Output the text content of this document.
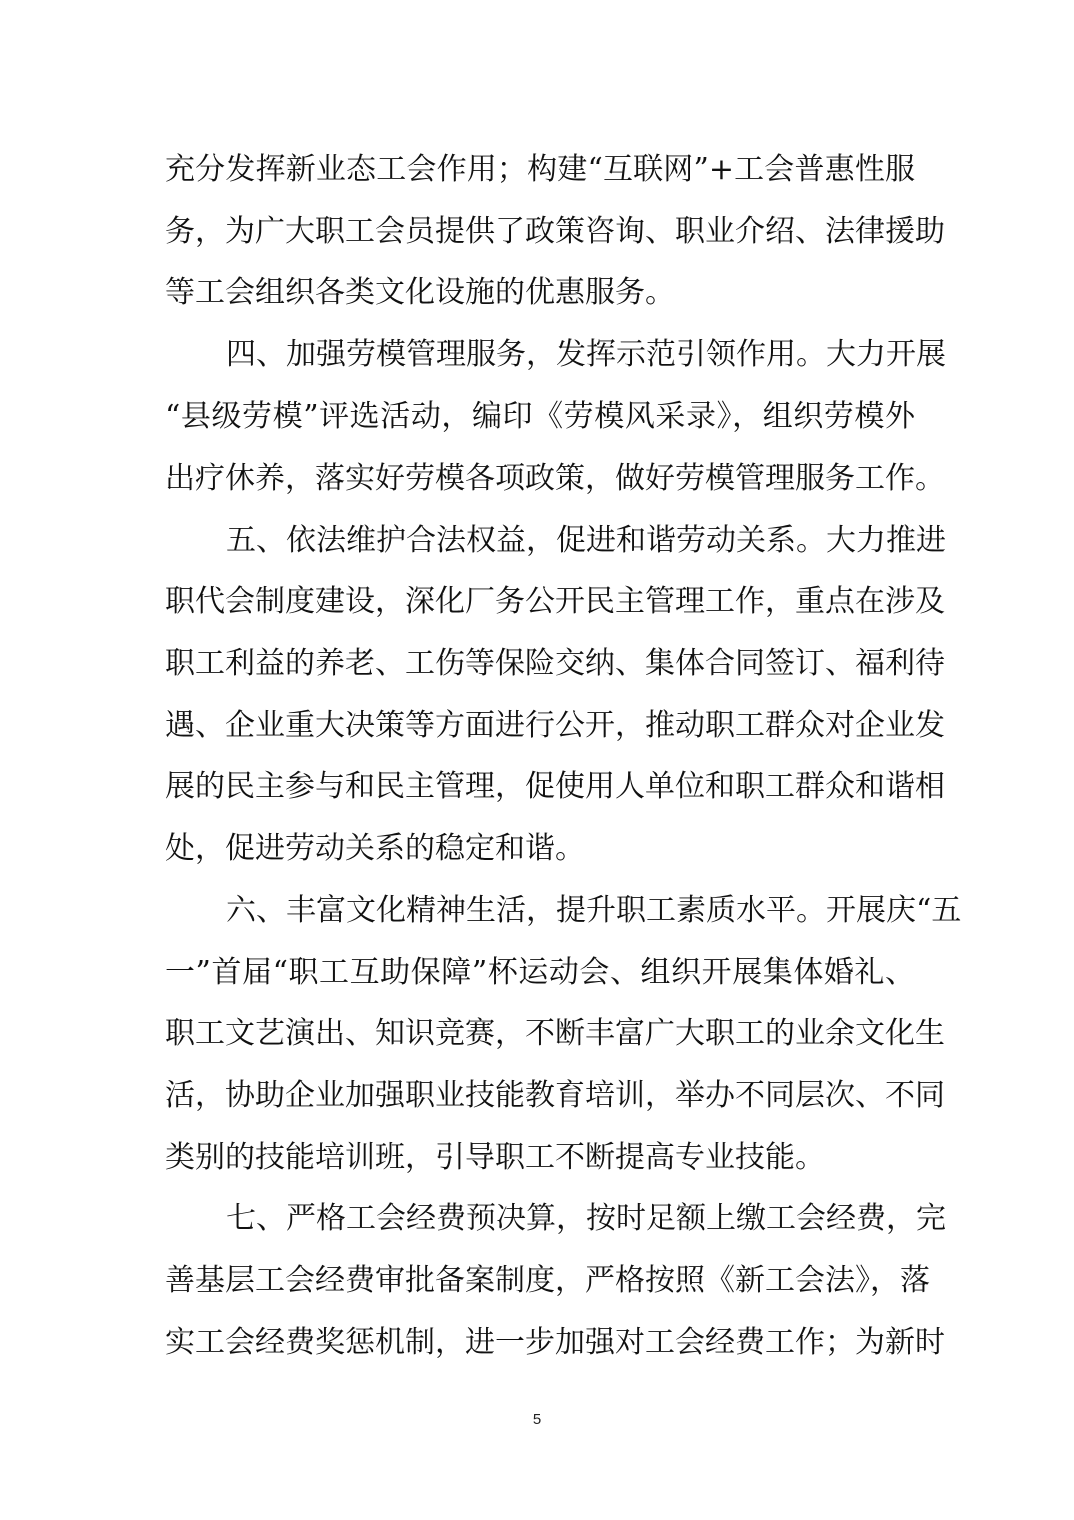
充分发挥新业态工会作用；构建“互联网”+工会普惠性服
务，为广大职工会员提供了政策咨询、职业介绍、法律援助
等工会组织各类文化设施的优惠服务。
四、加强劳模管理服务，发挥示范引领作用。大力开展
“县级劳模”评选活动，编印《劳模风采录》，组织劳模外
出疗休养，落实好劳模各项政策，做好劳模管理服务工作。
五、依法维护合法权益，促进和谐劳动关系。大力推进
职代会制度建设，深化厂务公开民主管理工作，重点在涉及
职工利益的养老、工伤等保险交纳、集体合同签订、福利待
遇、企业重大决策等方面进行公开，推动职工群众对企业发
展的民主参与和民主管理，促使用人单位和职工群众和谐相
处，促进劳动关系的稳定和谐。
六、丰富文化精神生活，提升职工素质水平。开展庆“五
一”首届“职工互助保障”杯运动会、组织开展集体婚礼、
职工文艺演出、知识竞赛，不断丰富广大职工的业余文化生
活，协助企业加强职业技能教育培训，举办不同层次、不同
类别的技能培训班，引导职工不断提高专业技能。
七、严格工会经费预决算，按时足额上缴工会经费，完
善基层工会经费审批备案制度，严格按照《新工会法》，落
实工会经费奖惩机制，进一步加强对工会经费工作；为新时
5
